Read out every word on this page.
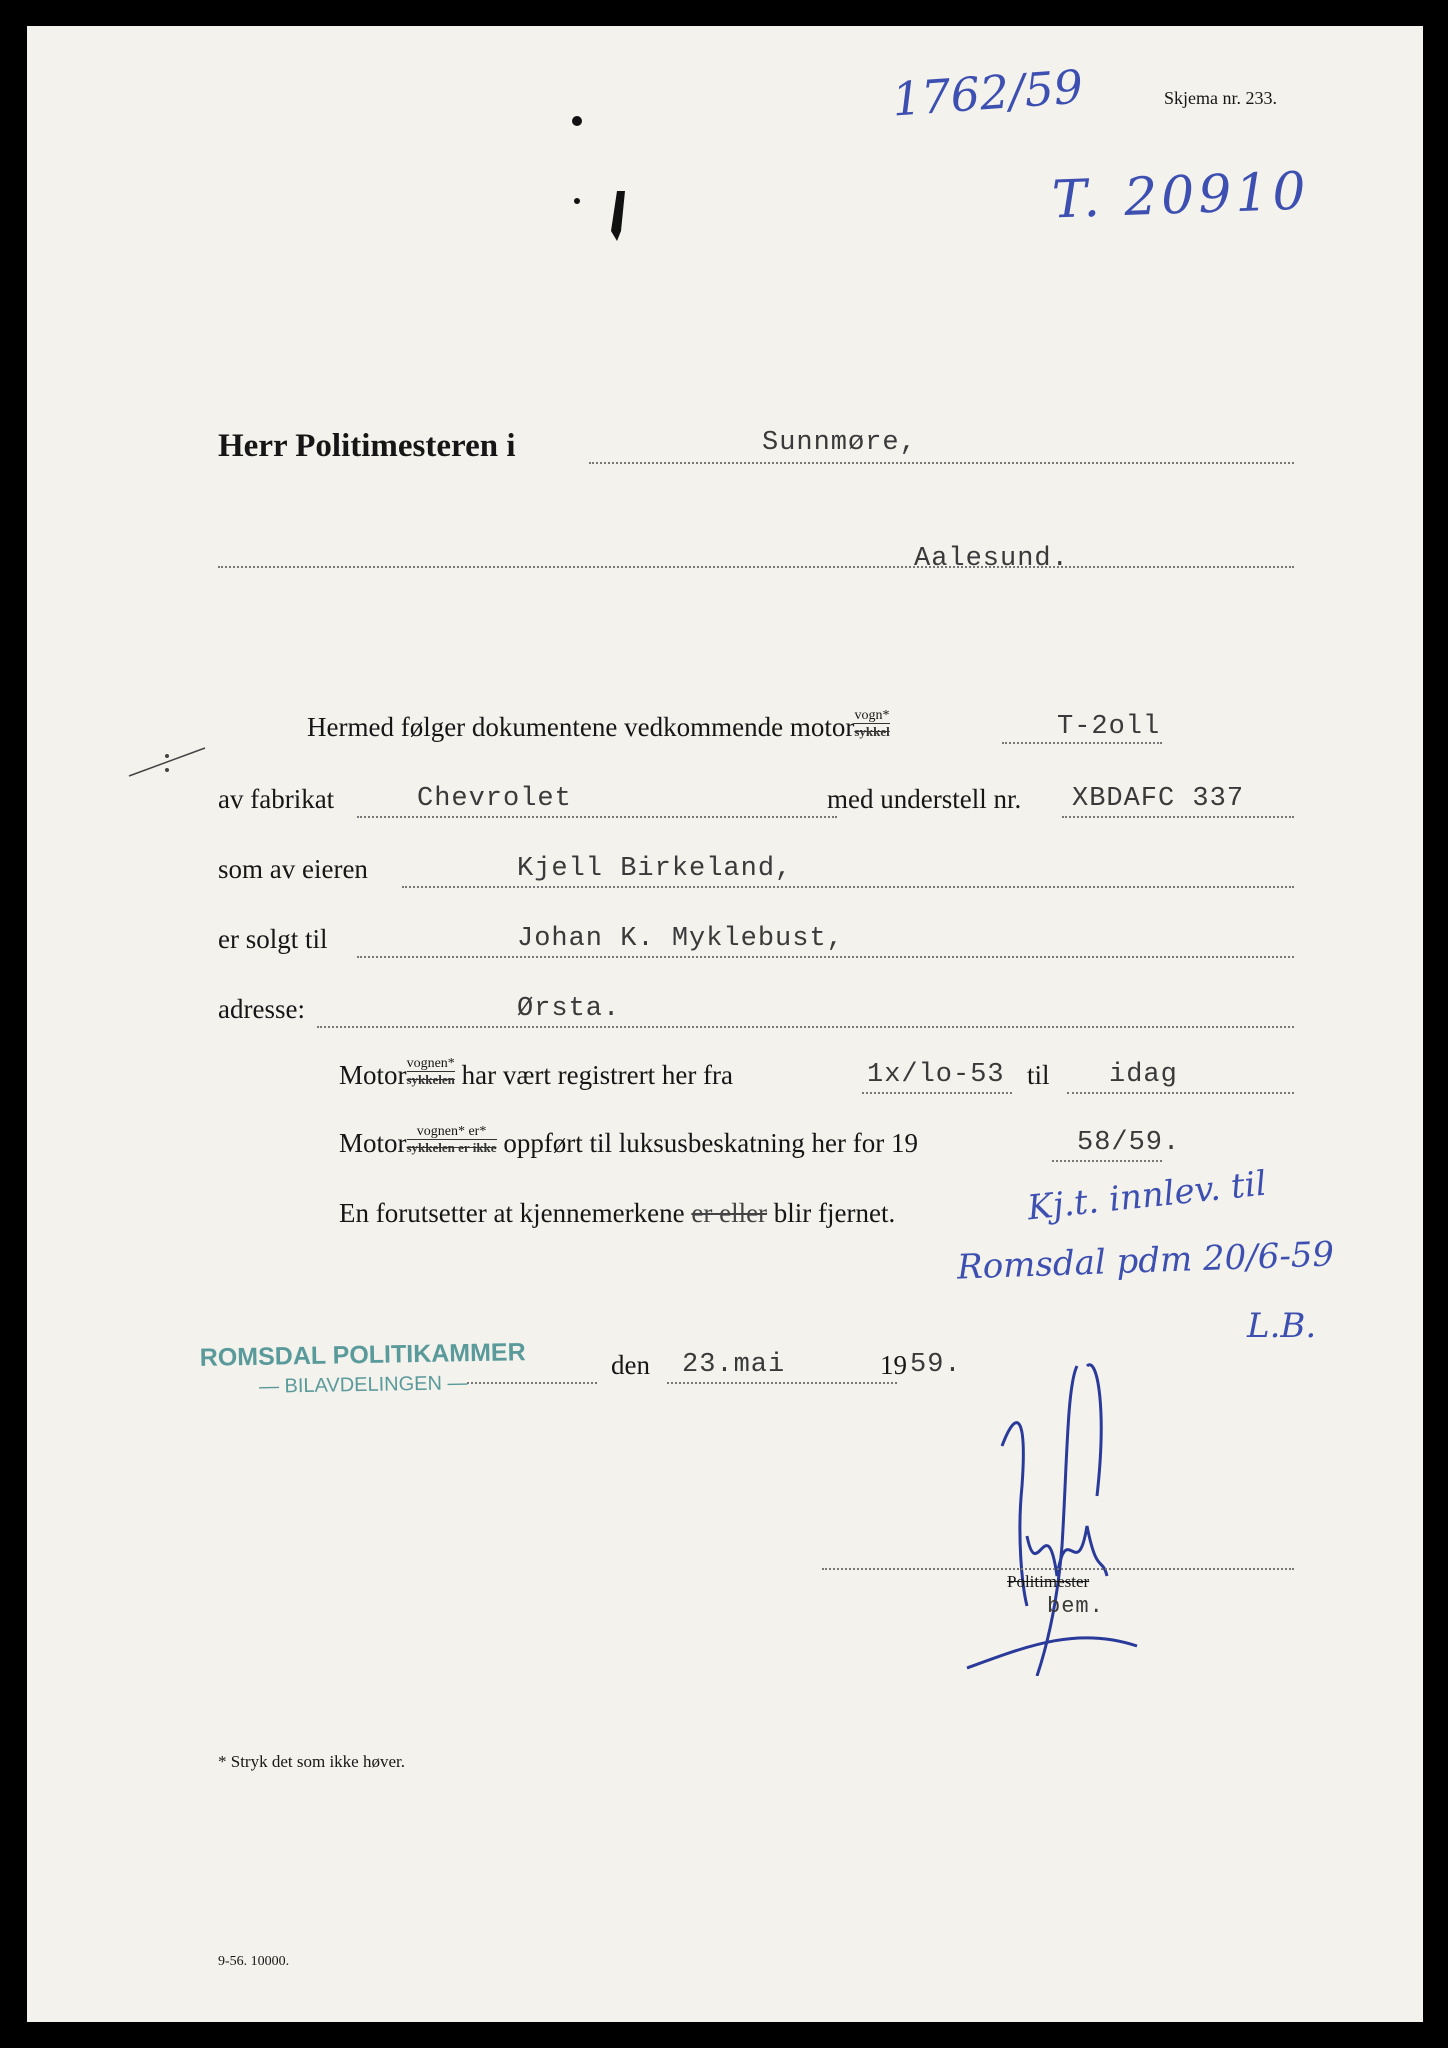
Skjema nr. 233.
1762/59
T. 20910
Herr Politimesteren i	Sunnmøre,
Aalesund.
Hermed følger dokumentene vedkommende motor vogn*
sykkel	T-2oll
av fabrikat	Chevrolet	med understell nr. XBDAFC 337
som av eieren	Kjell Birkeland,
er solgt til	Johan K. Myklebust,
adresse:	Ørsta.
Motor vognen*
sykkelen har vært registrert her fra	1x/lo-53 til idag
Motor vognen* er*
sykkelen er ikke oppført til luksusbeskatning her for 19	58/59.
En forutsetter at kjennemerkene er eller blir fjernet.	Kj.t. innlev. til
Romsdal pdm 20/6-59
L.B.
ROMSDAL POLITIKAMMER
— BILAVDELINGEN —
den 23.mai	19 59.
Politimester
bem.
* Stryk det som ikke høver.
9-56. 10000.
